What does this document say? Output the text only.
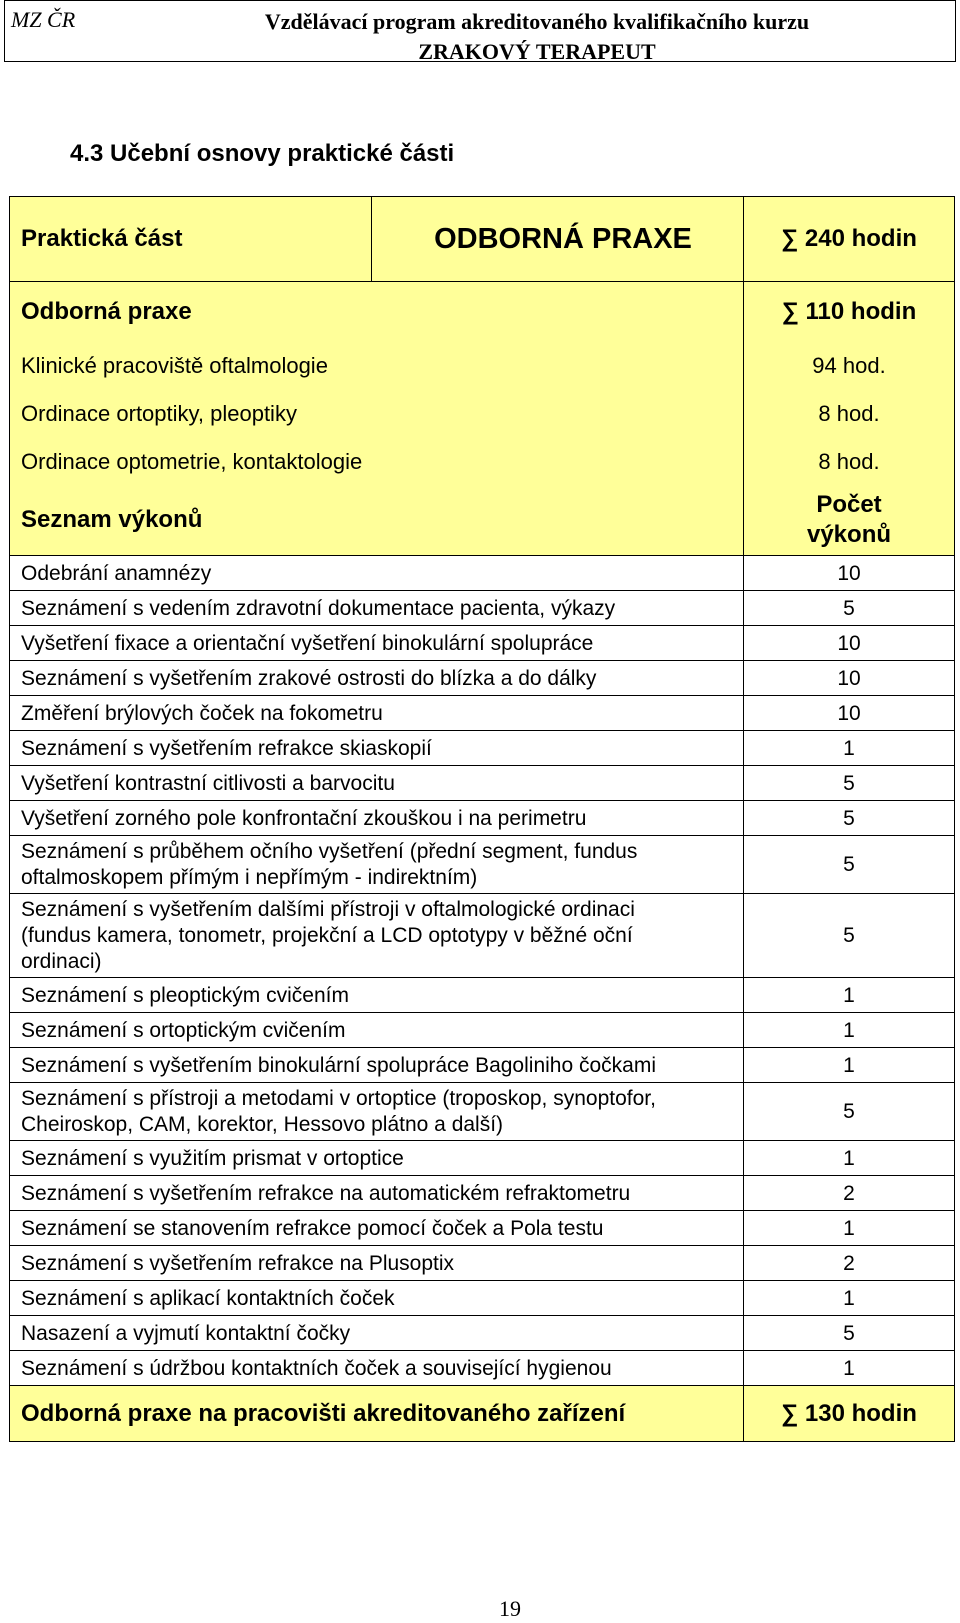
MZ ČR	Vzdělávací program akreditovaného kvalifikačního kurzu
ZRAKOVÝ TERAPEUT
4.3 Učební osnovy praktické části
Praktická část	ODBORNÁ PRAXE	∑ 240 hodin
Odborná praxe		∑ 110 hodin
Klinické pracoviště oftalmologie		94 hod.
Ordinace ortoptiky, pleoptiky		8 hod.
Ordinace optometrie, kontaktologie		8 hod.
Seznam výkonů		Počet
výkonů

Odebrání anamnézy		10
Seznámení s vedením zdravotní dokumentace pacienta, výkazy		5
Vyšetření fixace a orientační vyšetření binokulární spolupráce		10
Seznámení s vyšetřením zrakové ostrosti do blízka a do dálky		10
Změření brýlových čoček na fokometru		10
Seznámení s vyšetřením refrakce skiaskopií		1
Vyšetření kontrastní citlivosti a barvocitu		5
Vyšetření zorného pole konfrontační zkouškou i na perimetru		5

Seznámení s průběhem očního vyšetření (přední segment, fundus
oftalmoskopem přímým i nepřímým - indirektním)		5

Seznámení s vyšetřením dalšími přístroji v oftalmologické ordinaci
(fundus kamera, tonometr, projekční a LCD optotypy v běžné oční
ordinaci)		5
Seznámení s pleoptickým cvičením		1
Seznámení s ortoptickým cvičením		1
Seznámení s vyšetřením binokulární spolupráce Bagoliniho čočkami		1

Seznámení s přístroji a metodami v ortoptice (troposkop, synoptofor,
Cheiroskop, CAM, korektor, Hessovo plátno a další)		5
Seznámení s využitím prismat v ortoptice		1
Seznámení s vyšetřením refrakce na automatickém refraktometru		2
Seznámení se stanovením refrakce pomocí čoček a Pola testu		1
Seznámení s vyšetřením refrakce na Plusoptix		2
Seznámení s aplikací kontaktních čoček		1
Nasazení a vyjmutí kontaktní čočky		5
Seznámení s údržbou kontaktních čoček a související hygienou		1
Odborná praxe na pracovišti akreditovaného zařízení		∑ 130 hodin
19
